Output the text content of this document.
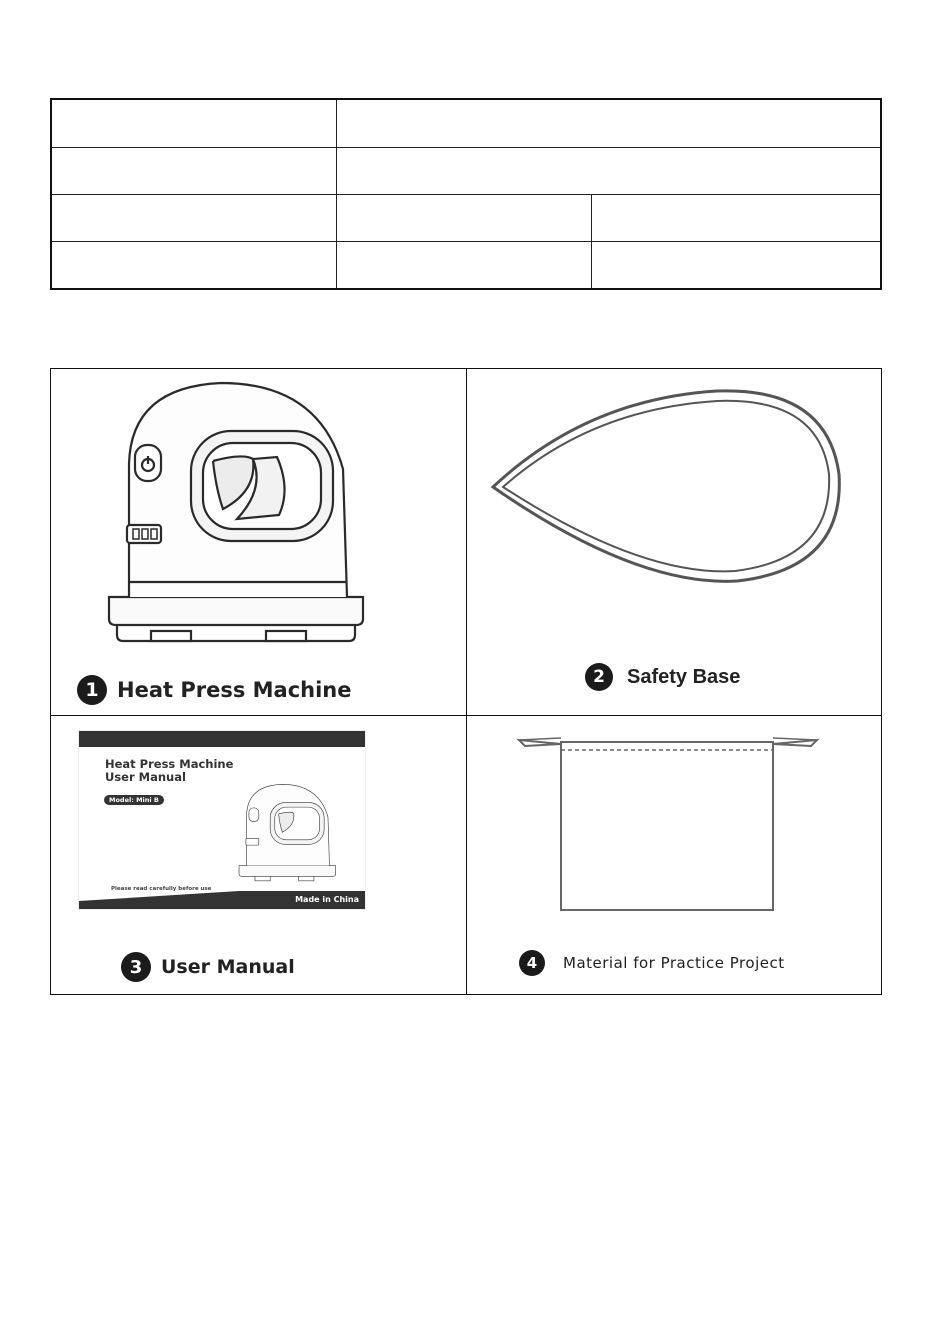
1 Heat Press Machine
2	Safety Base
Heat Press Machine
User Manual
Model: Mini B
Please read carefully before use
Made in China
3 User Manual	4	Material for Practice Project
